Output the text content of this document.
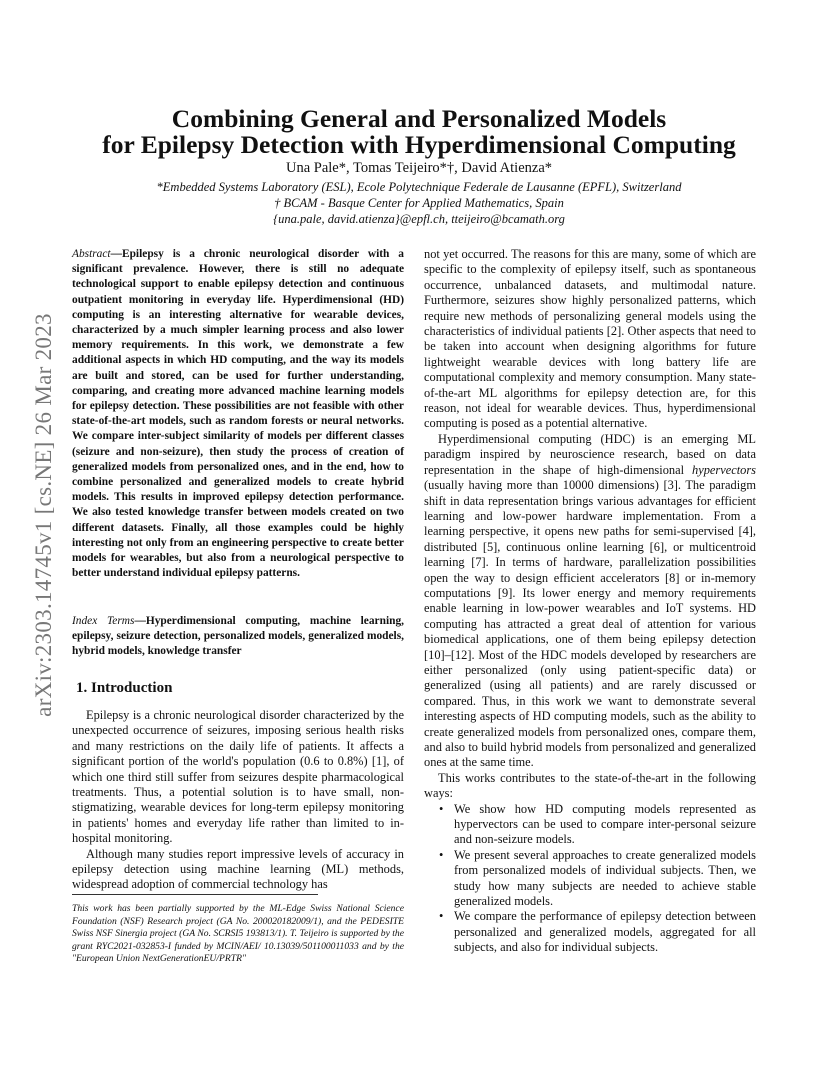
arXiv:2303.14745v1 [cs.NE] 26 Mar 2023
Combining General and Personalized Models
for Epilepsy Detection with Hyperdimensional Computing
Una Pale*, Tomas Teijeiro*†, David Atienza*
*Embedded Systems Laboratory (ESL), Ecole Polytechnique Federale de Lausanne (EPFL), Switzerland
† BCAM - Basque Center for Applied Mathematics, Spain
{una.pale, david.atienza}@epfl.ch, tteijeiro@bcamath.org
Abstract—Epilepsy is a chronic neurological disorder with a significant prevalence. However, there is still no adequate technological support to enable epilepsy detection and continuous outpatient monitoring in everyday life. Hyperdimensional (HD) computing is an interesting alternative for wearable devices, characterized by a much simpler learning process and also lower memory requirements. In this work, we demonstrate a few additional aspects in which HD computing, and the way its models are built and stored, can be used for further understanding, comparing, and creating more advanced machine learning models for epilepsy detection. These possibilities are not feasible with other state-of-the-art models, such as random forests or neural networks. We compare inter-subject similarity of models per different classes (seizure and non-seizure), then study the process of creation of generalized models from personalized ones, and in the end, how to combine personalized and generalized models to create hybrid models. This results in improved epilepsy detection performance. We also tested knowledge transfer between models created on two different datasets. Finally, all those examples could be highly interesting not only from an engineering perspective to create better models for wearables, but also from a neurological perspective to better understand individual epilepsy patterns.
Index Terms—Hyperdimensional computing, machine learning, epilepsy, seizure detection, personalized models, generalized models, hybrid models, knowledge transfer
1. Introduction

Epilepsy is a chronic neurological disorder characterized by the unexpected occurrence of seizures, imposing serious health risks and many restrictions on the daily life of patients. It affects a significant portion of the world's population (0.6 to 0.8%) [1], of which one third still suffer from seizures despite pharmacological treatments. Thus, a potential solution is to have small, non-stigmatizing, wearable devices for long-term epilepsy monitoring in patients' homes and everyday life rather than limited to in-hospital monitoring.

Although many studies report impressive levels of accuracy in epilepsy detection using machine learning (ML) methods, widespread adoption of commercial technology has

This work has been partially supported by the ML-Edge Swiss National Science Foundation (NSF) Research project (GA No. 200020182009/1), and the PEDESITE Swiss NSF Sinergia project (GA No. SCRSI5 193813/1). T. Teijeiro is supported by the grant RYC2021-032853-I funded by MCIN/AEI/ 10.13039/501100011033 and by the "European Union NextGenerationEU/PRTR"

not yet occurred. The reasons for this are many, some of which are specific to the complexity of epilepsy itself, such as spontaneous occurrence, unbalanced datasets, and multimodal nature. Furthermore, seizures show highly personalized patterns, which require new methods of personalizing general models using the characteristics of individual patients [2]. Other aspects that need to be taken into account when designing algorithms for future lightweight wearable devices with long battery life are computational complexity and memory consumption. Many state-of-the-art ML algorithms for epilepsy detection are, for this reason, not ideal for wearable devices. Thus, hyperdimensional computing is posed as a potential alternative.

Hyperdimensional computing (HDC) is an emerging ML paradigm inspired by neuroscience research, based on data representation in the shape of high-dimensional hypervectors (usually having more than 10000 dimensions) [3]. The paradigm shift in data representation brings various advantages for efficient learning and low-power hardware implementation. From a learning perspective, it opens new paths for semi-supervised [4], distributed [5], continuous online learning [6], or multicentroid learning [7]. In terms of hardware, parallelization possibilities open the way to design efficient accelerators [8] or in-memory computations [9]. Its lower energy and memory requirements enable learning in low-power wearables and IoT systems. HD computing has attracted a great deal of attention for various biomedical applications, one of them being epilepsy detection [10]–[12]. Most of the HDC models developed by researchers are either personalized (only using patient-specific data) or generalized (using all patients) and are rarely discussed or compared. Thus, in this work we want to demonstrate several interesting aspects of HD computing models, such as the ability to create generalized models from personalized ones, compare them, and also to build hybrid models from personalized and generalized ones at the same time.

This works contributes to the state-of-the-art in the following ways:

• We show how HD computing models represented as hypervectors can be used to compare inter-personal seizure and non-seizure models.
• We present several approaches to create generalized models from personalized models of individual subjects. Then, we study how many subjects are needed to achieve stable generalized models.
• We compare the performance of epilepsy detection between personalized and generalized models, aggregated for all subjects, and also for individual subjects.
